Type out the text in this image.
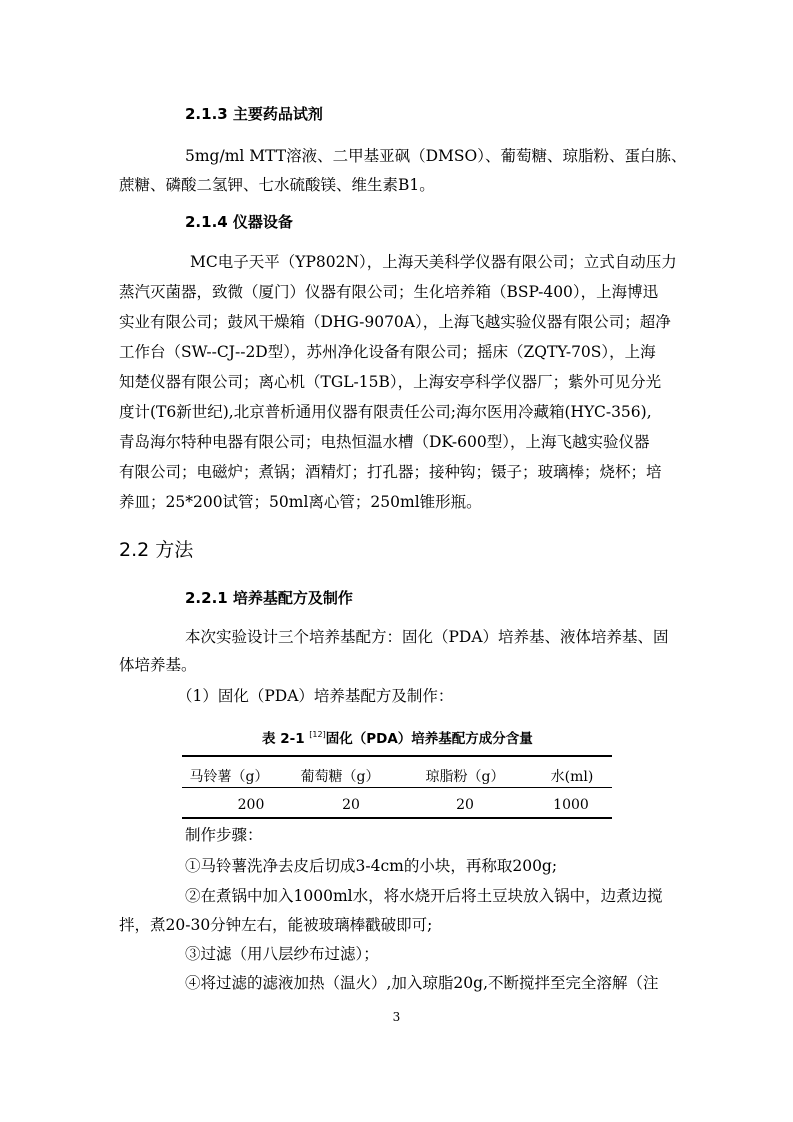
2.1.3 主要药品试剂
5mg/ml MTT溶液、二甲基亚砜（DMSO）、葡萄糖、琼脂粉、蛋白胨、
蔗糖、磷酸二氢钾、七水硫酸镁、维生素B1。
2.1.4 仪器设备
MC电子天平（YP802N），上海天美科学仪器有限公司；立式自动压力
蒸汽灭菌器，致微（厦门）仪器有限公司；生化培养箱（BSP-400），上海博迅
实业有限公司；鼓风干燥箱（DHG-9070A），上海飞越实验仪器有限公司；超净
工作台（SW--CJ--2D型），苏州净化设备有限公司；摇床（ZQTY-70S），上海
知楚仪器有限公司；离心机（TGL-15B），上海安亭科学仪器厂；紫外可见分光
度计(T6新世纪),北京普析通用仪器有限责任公司;海尔医用冷藏箱(HYC-356),
青岛海尔特种电器有限公司；电热恒温水槽（DK-600型），上海飞越实验仪器
有限公司；电磁炉；煮锅；酒精灯；打孔器；接种钩；镊子；玻璃棒；烧杯；培
养皿；25*200试管；50ml离心管；250ml锥形瓶。
2.2 方法
2.2.1 培养基配方及制作
本次实验设计三个培养基配方：固化（PDA）培养基、液体培养基、固
体培养基。
（1）固化（PDA）培养基配方及制作：
表 2-1 [12]固化（PDA）培养基配方成分含量
马铃薯（g）	葡萄糖（g）	琼脂粉（g）	水(ml)
200	20	20	1000
制作步骤：
①马铃薯洗净去皮后切成3-4cm的小块，再称取200g;
②在煮锅中加入1000ml水，将水烧开后将土豆块放入锅中，边煮边搅
拌，煮20-30分钟左右，能被玻璃棒戳破即可;
③过滤（用八层纱布过滤）；
④将过滤的滤液加热（温火）,加入琼脂20g,不断搅拌至完全溶解（注
3
